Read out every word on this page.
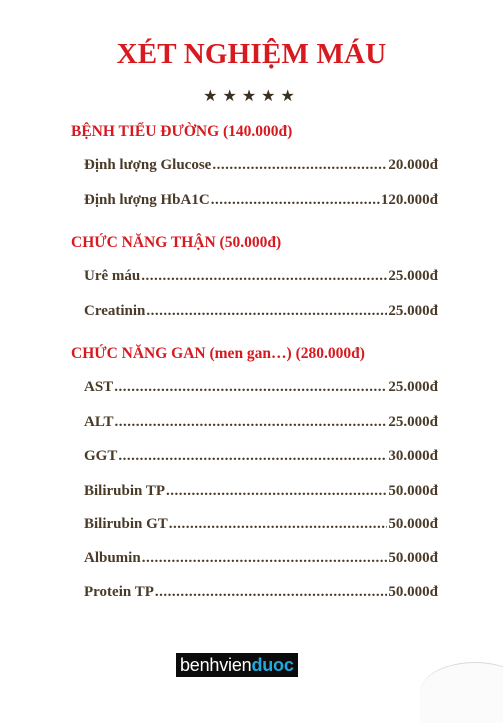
XÉT NGHIỆM MÁU
★★★★★
BỆNH TIỂU ĐƯỜNG (140.000đ)
Định lượng Glucose .....	20.000đ
Định lượng HbA1C .....	120.000đ
CHỨC NĂNG THẬN (50.000đ)
Urê máu .....	25.000đ
Creatinin .....	25.000đ
CHỨC NĂNG GAN (men gan…) (280.000đ)
AST .....	25.000đ
ALT .....	25.000đ
GGT .....	30.000đ
Bilirubin TP .....	50.000đ
Bilirubin GT .....	50.000đ
Albumin .....	50.000đ
Protein TP .....	50.000đ
benhvienduoc
